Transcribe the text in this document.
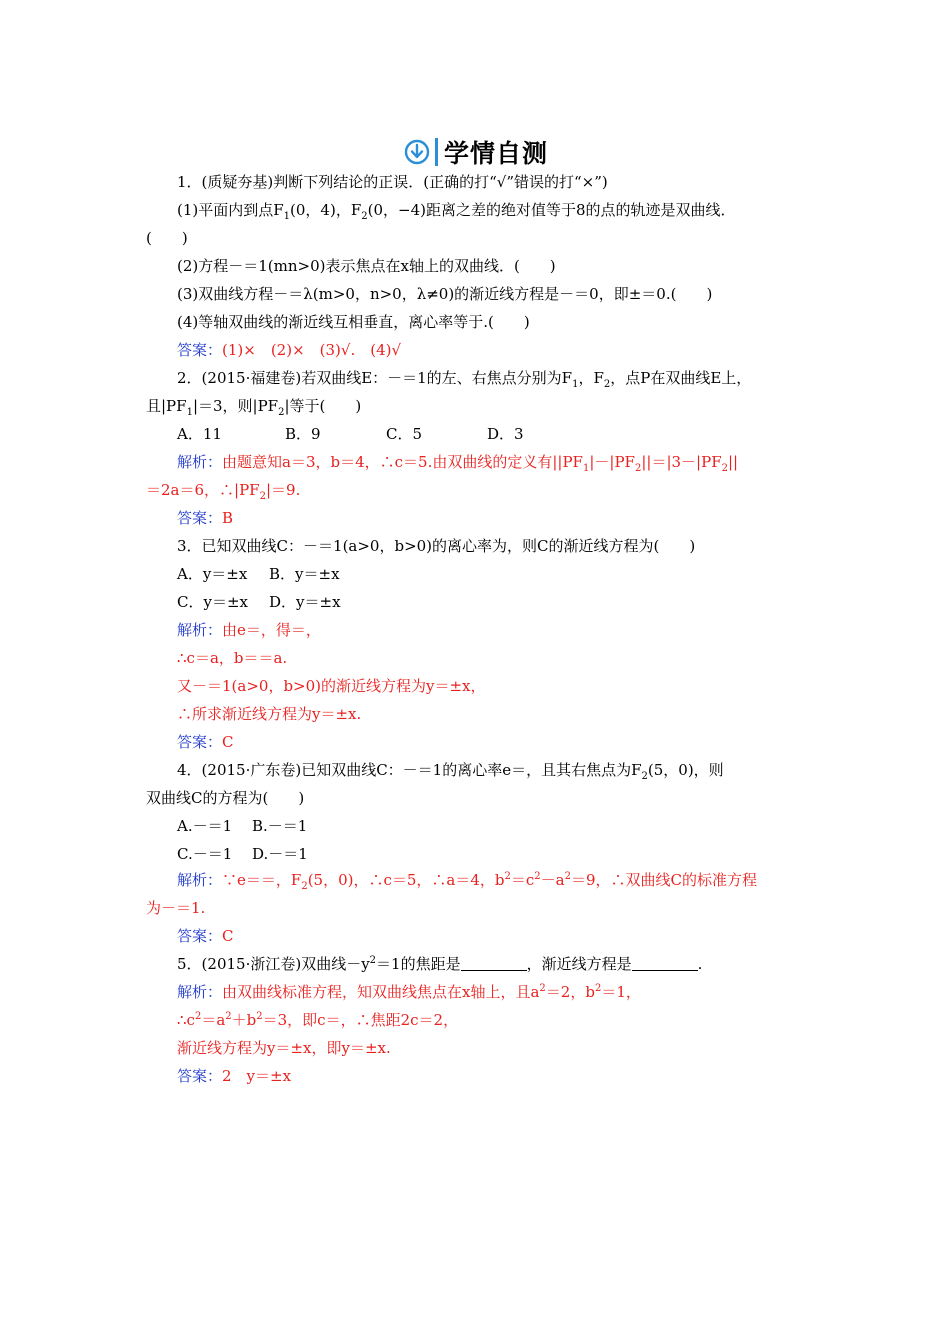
学情自测
1．(质疑夯基)判断下列结论的正误．(正确的打“√”错误的打“×”)
(1)平面内到点$F_1(0$，4)，$F_2(0$，−4)距离之差的绝对值等于8的点的轨迹是双曲线．
(　　)
(2)方程－＝1(mn>0)表示焦点在x轴上的双曲线．(　　)
(3)双曲线方程－＝λ(m>0，n>0，λ≠0)的渐近线方程是－＝0，即±＝0.(　　)
(4)等轴双曲线的渐近线互相垂直，离心率等于.(　　)
答案：(1)×　(2)×　(3)√.　(4)√
2．(2015·福建卷)若双曲线E：－＝1的左、右焦点分别为$F_1$，$F_2$，点P在双曲线E上，
且$|PF_1|=3$，则$|PF_2|$等于(　　)
A．11	B．9	C．5	D．3
解析：由题意知a＝3，b＝4，∴c＝5.由双曲线的定义有$||PF_1|-|PF_2||=|3-|PF_2||$
＝2a＝6，$\therefore|PF_2|=9$.
答案：B
3．已知双曲线C：－＝1(a>0，b>0)的离心率为，则C的渐近线方程为(　　)
A．y＝±x B．y＝±x
C．y＝±x D．y＝±x
解析：由e＝，得＝，
∴c＝a，b＝＝a.
又－＝1(a>0，b>0)的渐近线方程为y＝±x，
∴所求渐近线方程为y＝±x.
答案：C
4．(2015·广东卷)已知双曲线C：－＝1的离心率e＝，且其右焦点为$F_2(5$，0)，则
双曲线C的方程为(　　)
A.－＝1 B.－＝1
C.－＝1 D.－＝1
解析：∵e＝＝，$F_2(5$，0)，∴c＝5，∴a＝4，$b^2=c^2-a^2=9$，∴双曲线C的标准方程
为－＝1.
答案：C
5．(2015·浙江卷)双曲线$-y^2=1$的焦距是	，渐近线方程是	.
解析：由双曲线标准方程，知双曲线焦点在x轴上，且$a^2=2$，$b^2=1$，
$\therefore c^2=a^2+b^2=3$，即c＝，∴焦距2c＝2，
渐近线方程为y＝±x，即y＝±x.
答案：2　y＝±x
